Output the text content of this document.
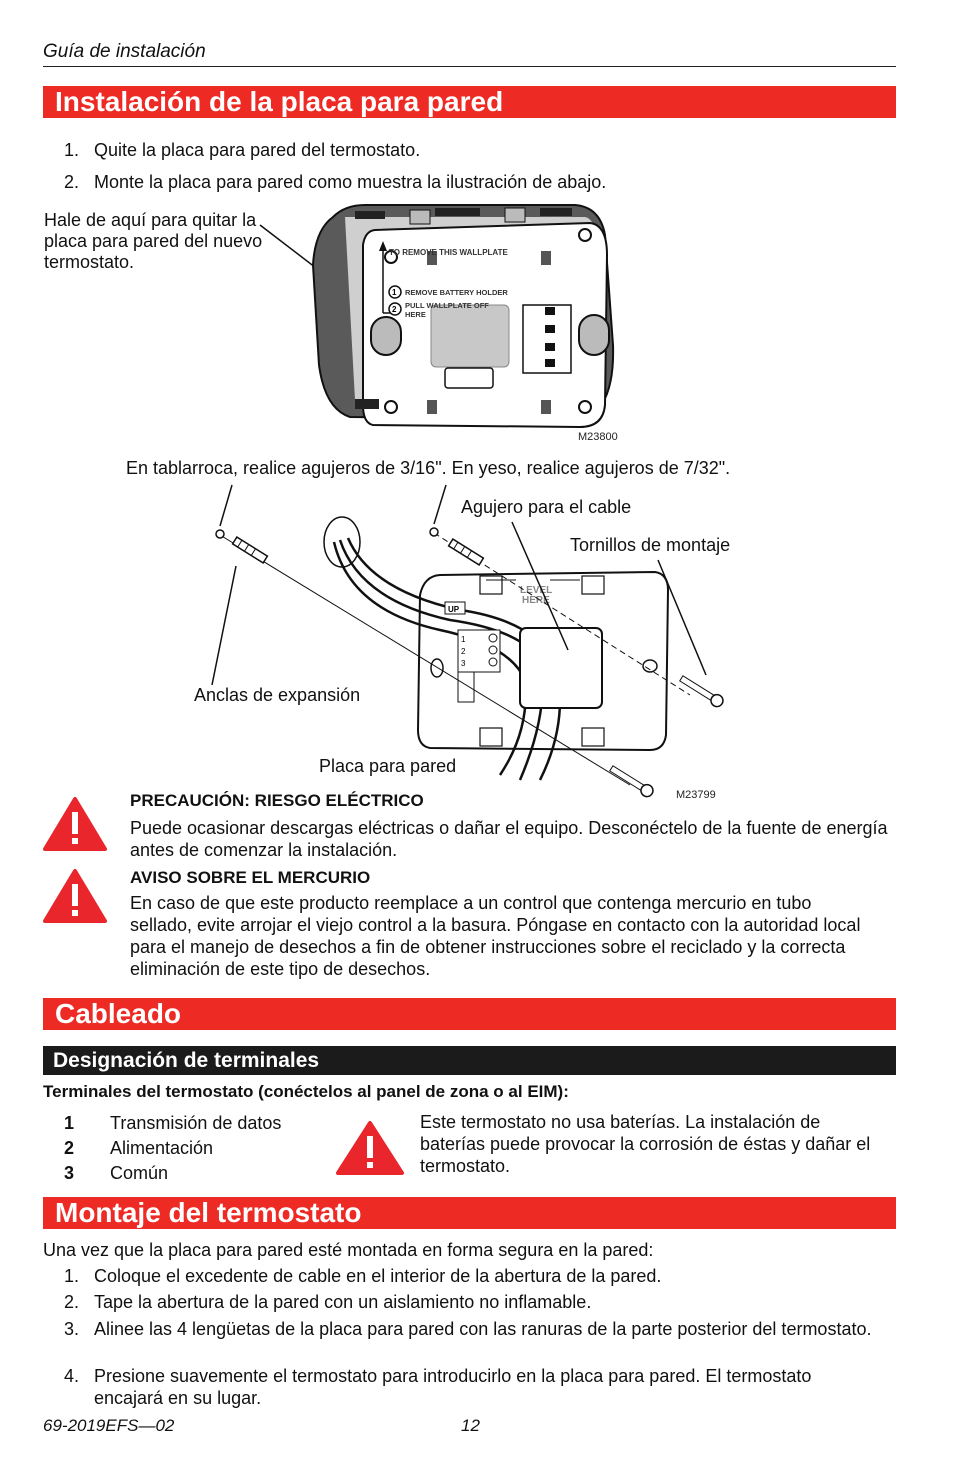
Guía de instalación
Instalación de la placa para pared
1. Quite la placa para pared del termostato.
2. Monte la placa para pared como muestra la ilustración de abajo.
Hale de aquí para quitar la placa para pared del nuevo termostato.	TO REMOVE THIS WALLPLATE
1 REMOVE BATTERY HOLDER
2 PULL WALLPLATE OFF
HERE
M23800
En tablarroca, realice agujeros de 3/16". En yeso, realice agujeros de 7/32".
LEVEL
HERE
UP
1
2
3
Agujero para el cable
Tornillos de montaje
Anclas de expansión
Placa para pared
M23799
PRECAUCIÓN: RIESGO ELÉCTRICO
Puede ocasionar descargas eléctricas o dañar el equipo. Desconéctelo de la fuente de energía antes de comenzar la instalación.
AVISO SOBRE EL MERCURIO
En caso de que este producto reemplace a un control que contenga mercurio en tubo sellado, evite arrojar el viejo control a la basura. Póngase en contacto con la autoridad local para el manejo de desechos a fin de obtener instrucciones sobre el reciclado y la correcta eliminación de este tipo de desechos.
Cableado
Designación de terminales
Terminales del termostato (conéctelos al panel de zona o al EIM):
1 Transmisión de datos
2 Alimentación
3 Común
Este termostato no usa baterías. La instalación de baterías puede provocar la corrosión de éstas y dañar el termostato.
Montaje del termostato
Una vez que la placa para pared esté montada en forma segura en la pared:
1. Coloque el excedente de cable en el interior de la abertura de la pared.
2. Tape la abertura de la pared con un aislamiento no inflamable.
3. Alinee las 4 lengüetas de la placa para pared con las ranuras de la parte posterior del termostato.
4. Presione suavemente el termostato para introducirlo en la placa para pared. El termostato encajará en su lugar.
69-2019EFS—02	12
